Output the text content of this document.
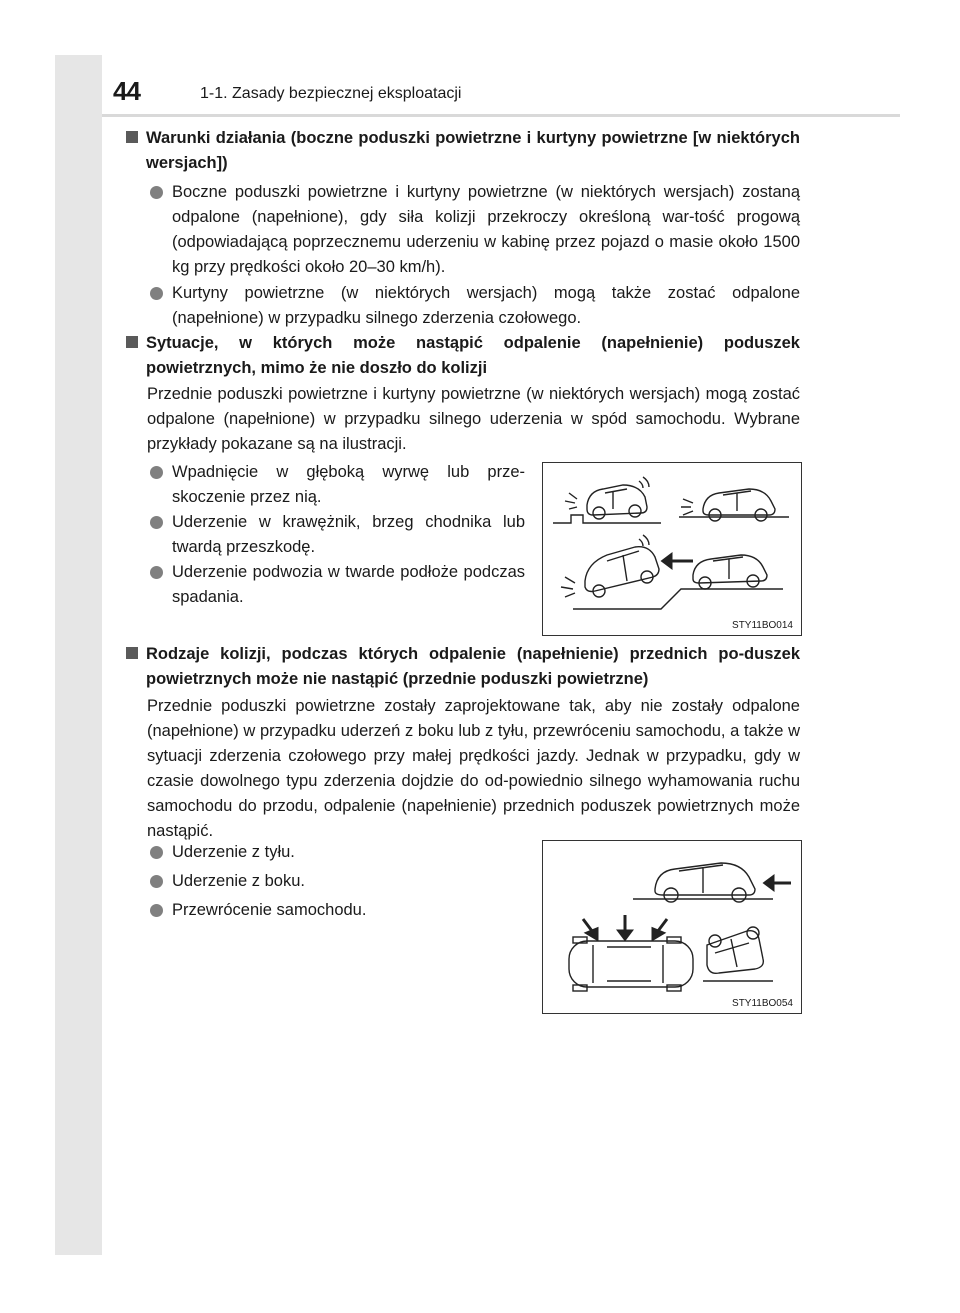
44	1-1. Zasady bezpiecznej eksploatacji
Warunki działania (boczne poduszki powietrzne i kurtyny powietrzne [w niektórych wersjach])
Boczne poduszki powietrzne i kurtyny powietrzne (w niektórych wersjach) zostaną odpalone (napełnione), gdy siła kolizji przekroczy określoną war-tość progową (odpowiadającą poprzecznemu uderzeniu w kabinę przez pojazd o masie około 1500 kg przy prędkości około 20–30 km/h).
Kurtyny powietrzne (w niektórych wersjach) mogą także zostać odpalone (napełnione) w przypadku silnego zderzenia czołowego.
Sytuacje, w których może nastąpić odpalenie (napełnienie) poduszek powietrznych, mimo że nie doszło do kolizji
Przednie poduszki powietrzne i kurtyny powietrzne (w niektórych wersjach) mogą zostać odpalone (napełnione) w przypadku silnego uderzenia w spód samochodu. Wybrane przykłady pokazane są na ilustracji.
Wpadnięcie w głęboką wyrwę lub prze-skoczenie przez nią.
Uderzenie w krawężnik, brzeg chodnika lub twardą przeszkodę.
Uderzenie podwozia w twarde podłoże podczas spadania.
STY11BO014
Rodzaje kolizji, podczas których odpalenie (napełnienie) przednich po-duszek powietrznych może nie nastąpić (przednie poduszki powietrzne)
Przednie poduszki powietrzne zostały zaprojektowane tak, aby nie zostały odpalone (napełnione) w przypadku uderzeń z boku lub z tyłu, przewróceniu samochodu, a także w sytuacji zderzenia czołowego przy małej prędkości jazdy. Jednak w przypadku, gdy w czasie dowolnego typu zderzenia dojdzie do od-powiednio silnego wyhamowania ruchu samochodu do przodu, odpalenie (napełnienie) przednich poduszek powietrznych może nastąpić.
Uderzenie z tyłu.
Uderzenie z boku.
Przewrócenie samochodu.
STY11BO054
